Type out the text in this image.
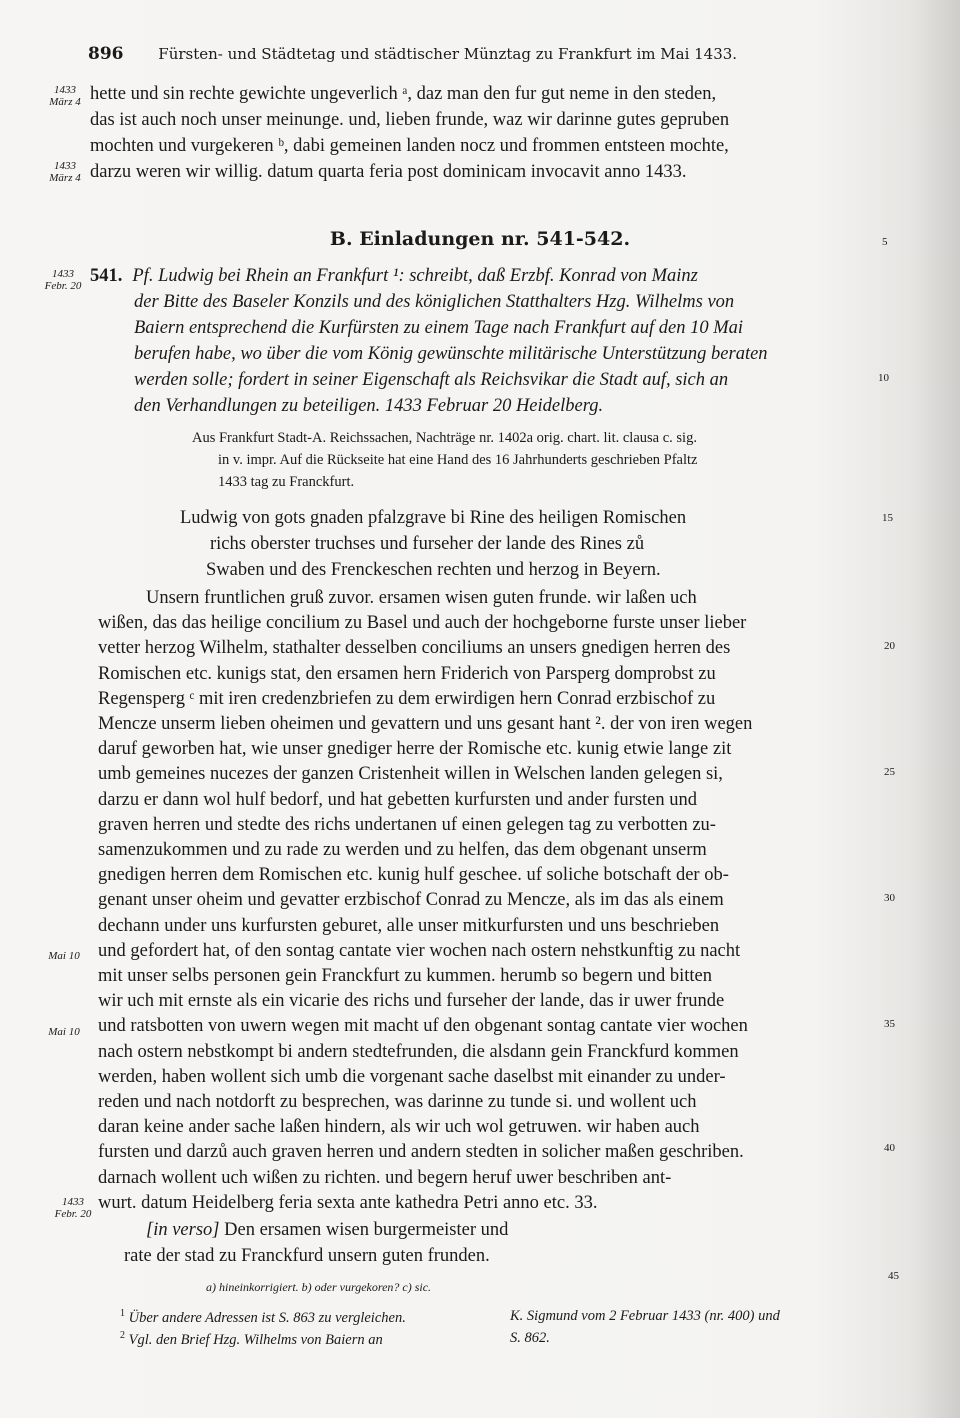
896 Fürsten- und Städtetag und städtischer Münztag zu Frankfurt im Mai 1433.
hette und sin rechte gewichte ungeverlich ᵃ, daz man den fur gut neme in den steden,
das ist auch noch unser meinunge. und, lieben frunde, waz wir darinne gutes gepruben
mochten und vurgekeren ᵇ, dabi gemeinen landen nocz und frommen entsteen mochte,
darzu weren wir willig. datum quarta feria post dominicam invocavit anno 1433.
1433
März 4
1433
März 4
1433
Febr. 20
Mai 10
Mai 10
1433
Febr. 20
B. Einladungen nr. 541-542.
541. Pf. Ludwig bei Rhein an Frankfurt ¹: schreibt, daß Erzbf. Konrad von Mainz
der Bitte des Baseler Konzils und des königlichen Statthalters Hzg. Wilhelms von
Baiern entsprechend die Kurfürsten zu einem Tage nach Frankfurt auf den 10 Mai
berufen habe, wo über die vom König gewünschte militärische Unterstützung beraten
werden solle; fordert in seiner Eigenschaft als Reichsvikar die Stadt auf, sich an
den Verhandlungen zu beteiligen. 1433 Februar 20 Heidelberg.
Aus Frankfurt Stadt-A. Reichssachen, Nachträge nr. 1402a orig. chart. lit. clausa c. sig.
in v. impr. Auf die Rückseite hat eine Hand des 16 Jahrhunderts geschrieben Pfaltz
1433 tag zu Franckfurt.
Ludwig von gots gnaden pfalzgrave bi Rine des heiligen Romischen
richs oberster truchses und furseher der lande des Rines zů
Swaben und des Frenckeschen rechten und herzog in Beyern.
Unsern fruntlichen gruß zuvor. ersamen wisen guten frunde. wir laßen uch
wißen, das das heilige concilium zu Basel und auch der hochgeborne furste unser lieber
vetter herzog Wilhelm, stathalter desselben conciliums an unsers gnedigen herren des
Romischen etc. kunigs stat, den ersamen hern Friderich von Parsperg domprobst zu
Regensperg ᶜ mit iren credenzbriefen zu dem erwirdigen hern Conrad erzbischof zu
Mencze unserm lieben oheimen und gevattern und uns gesant hant ². der von iren wegen
daruf geworben hat, wie unser gnediger herre der Romische etc. kunig etwie lange zit
umb gemeines nucezes der ganzen Cristenheit willen in Welschen landen gelegen si,
darzu er dann wol hulf bedorf, und hat gebetten kurfursten und ander fursten und
graven herren und stedte des richs undertanen uf einen gelegen tag zu verbotten zu-
samenzukommen und zu rade zu werden und zu helfen, das dem obgenant unserm
gnedigen herren dem Romischen etc. kunig hulf geschee. uf soliche botschaft der ob-
genant unser oheim und gevatter erzbischof Conrad zu Mencze, als im das als einem
dechann under uns kurfursten geburet, alle unser mitkurfursten und uns beschrieben
und gefordert hat, of den sontag cantate vier wochen nach ostern nehstkunftig zu nacht
mit unser selbs personen gein Franckfurt zu kummen. herumb so begern und bitten
wir uch mit ernste als ein vicarie des richs und furseher der lande, das ir uwer frunde
und ratsbotten von uwern wegen mit macht uf den obgenant sontag cantate vier wochen
nach ostern nebstkompt bi andern stedtefrunden, die alsdann gein Franckfurd kommen
werden, haben wollent sich umb die vorgenant sache daselbst mit einander zu under-
reden und nach notdorft zu besprechen, was darinne zu tunde si. und wollent uch
daran keine ander sache laßen hindern, als wir uch wol getruwen. wir haben auch
fursten und darzů auch graven herren und andern stedten in solicher maßen geschriben.
darnach wollent uch wißen zu richten. und begern heruf uwer beschriben ant-
wurt. datum Heidelberg feria sexta ante kathedra Petri anno etc. 33.
[in verso] Den ersamen wisen burgermeister und
rate der stad zu Franckfurd unsern guten frunden.
a) hineinkorrigiert. b) oder vurgekoren? c) sic.
$^1$ Über andere Adressen ist S. 863 zu vergleichen.	K. Sigmund vom 2 Februar 1433 (nr. 400) und
$^2$ Vgl. den Brief Hzg. Wilhelms von Baiern an	S. 862.
5
10
15
20
25
30
35
40
45
